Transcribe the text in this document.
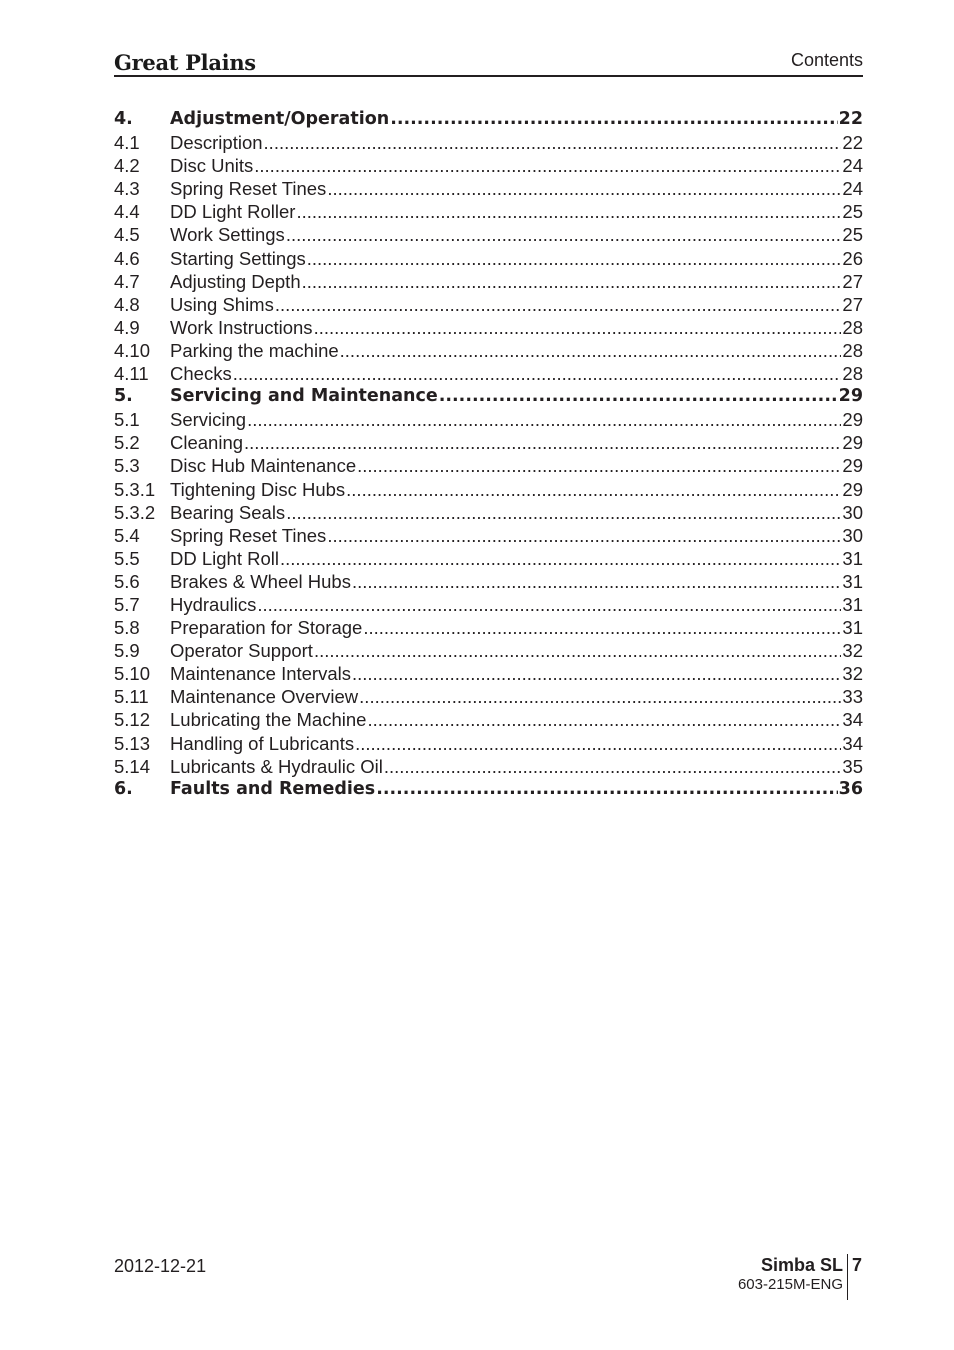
Great Plains	Contents
4.	Adjustment/Operation .....	22
4.1	Description .....	22
4.2	Disc Units .....	24
4.3	Spring Reset Tines .....	24
4.4	DD Light Roller .....	25
4.5	Work Settings .....	25
4.6	Starting Settings .....	26
4.7	Adjusting Depth .....	27
4.8	Using Shims .....	27
4.9	Work Instructions .....	28
4.10	Parking the machine .....	28
4.11	Checks .....	28
5.	Servicing and Maintenance .....	29
5.1	Servicing .....	29
5.2	Cleaning .....	29
5.3	Disc Hub Maintenance .....	29
5.3.1 Tightening Disc Hubs .....	29
5.3.2 Bearing Seals .....	30
5.4	Spring Reset Tines .....	30
5.5	DD Light Roll .....	31
5.6	Brakes & Wheel Hubs .....	31
5.7	Hydraulics .....	31
5.8	Preparation for Storage .....	31
5.9	Operator Support .....	32
5.10	Maintenance Intervals .....	32
5.11	Maintenance Overview .....	33
5.12	Lubricating the Machine .....	34
5.13	Handling of Lubricants .....	34
5.14	Lubricants & Hydraulic Oil .....	35
6.	Faults and Remedies .....	36
2012-12-21	Simba SL
603-215M-ENG
7
